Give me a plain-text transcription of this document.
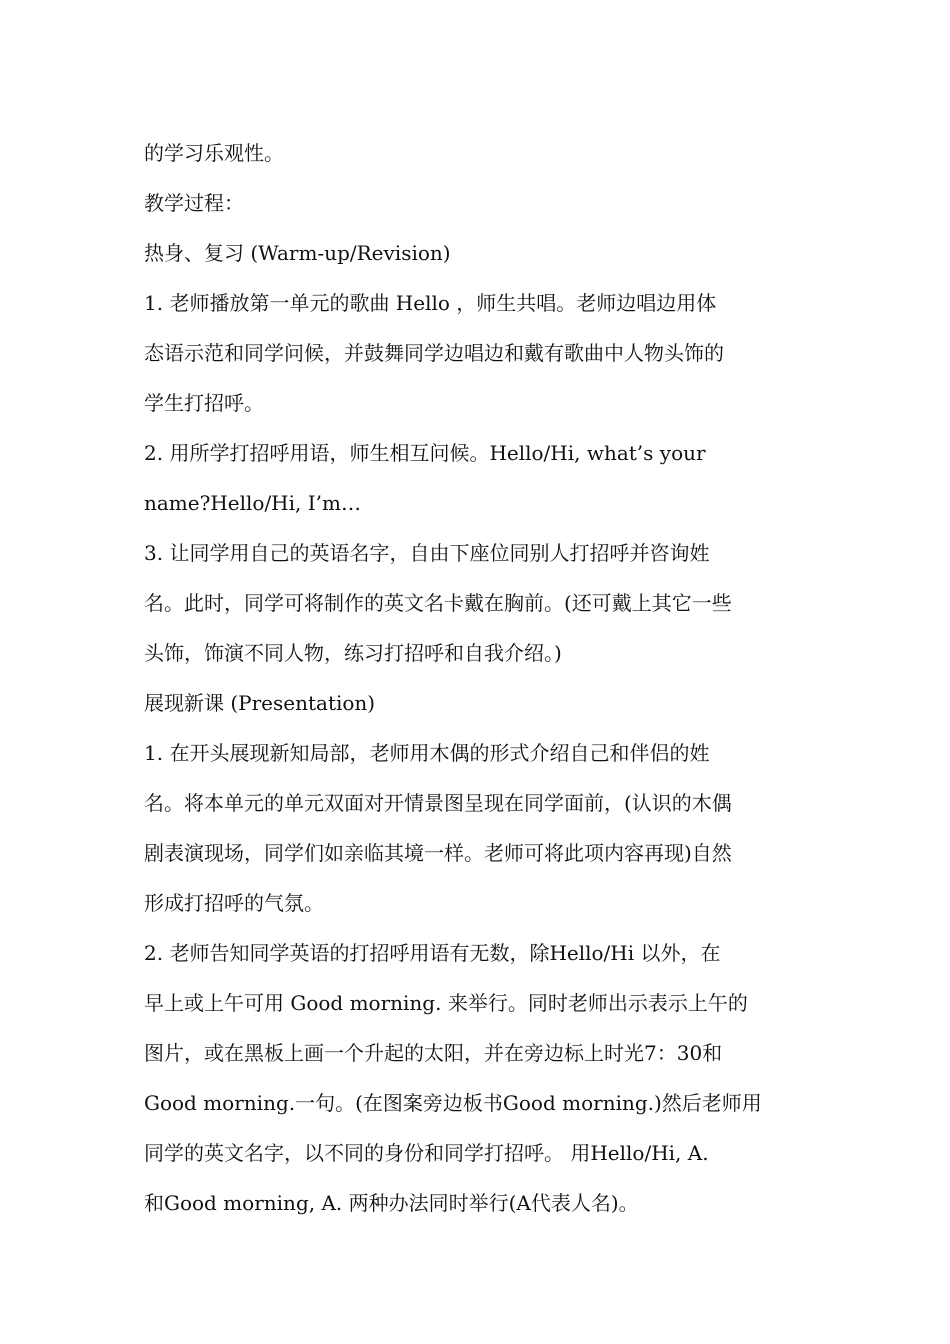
的学习乐观性。
教学过程：
热身、复习 (Warm-up/Revision)
1. 老师播放第一单元的歌曲 Hello ，师生共唱。老师边唱边用体
态语示范和同学问候，并鼓舞同学边唱边和戴有歌曲中人物头饰的
学生打招呼。
2. 用所学打招呼用语，师生相互问候。Hello/Hi, what’s your
name?Hello/Hi, I’m…
3. 让同学用自己的英语名字，自由下座位同别人打招呼并咨询姓
名。此时，同学可将制作的英文名卡戴在胸前。(还可戴上其它一些
头饰，饰演不同人物，练习打招呼和自我介绍。)
展现新课 (Presentation)
1. 在开头展现新知局部，老师用木偶的形式介绍自己和伴侣的姓
名。将本单元的单元双面对开情景图呈现在同学面前，(认识的木偶
剧表演现场，同学们如亲临其境一样。老师可将此项内容再现)自然
形成打招呼的气氛。
2. 老师告知同学英语的打招呼用语有无数，除Hello/Hi 以外，在
早上或上午可用 Good morning. 来举行。同时老师出示表示上午的
图片，或在黑板上画一个升起的太阳，并在旁边标上时光7：30和
Good morning.一句。(在图案旁边板书Good morning.)然后老师用
同学的英文名字，以不同的身份和同学打招呼。 用Hello/Hi, A.
和Good morning, A. 两种办法同时举行(A代表人名)。
